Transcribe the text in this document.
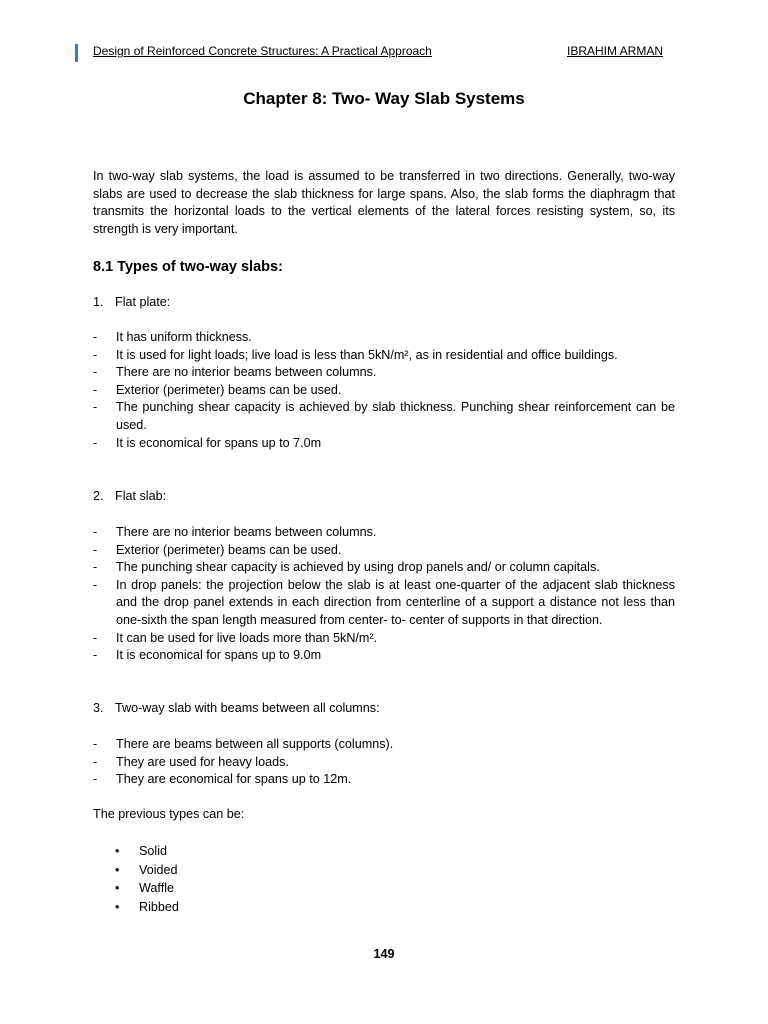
Design of Reinforced Concrete Structures: A Practical Approach	IBRAHIM ARMAN
Chapter 8: Two- Way Slab Systems
In two-way slab systems, the load is assumed to be transferred in two directions. Generally, two-way slabs are used to decrease the slab thickness for large spans. Also, the slab forms the diaphragm that transmits the horizontal loads to the vertical elements of the lateral forces resisting system, so, its strength is very important.
8.1 Types of two-way slabs:
1. Flat plate:
- It has uniform thickness.
- It is used for light loads; live load is less than 5kN/m², as in residential and office buildings.
- There are no interior beams between columns.
- Exterior (perimeter) beams can be used.
- The punching shear capacity is achieved by slab thickness. Punching shear reinforcement can be used.
- It is economical for spans up to 7.0m
2. Flat slab:
- There are no interior beams between columns.
- Exterior (perimeter) beams can be used.
- The punching shear capacity is achieved by using drop panels and/ or column capitals.
- In drop panels: the projection below the slab is at least one-quarter of the adjacent slab thickness and the drop panel extends in each direction from centerline of a support a distance not less than one-sixth the span length measured from center- to- center of supports in that direction.
- It can be used for live loads more than 5kN/m².
- It is economical for spans up to 9.0m
3. Two-way slab with beams between all columns:
- There are beams between all supports (columns).
- They are used for heavy loads.
- They are economical for spans up to 12m.
The previous types can be:
• Solid
• Voided
• Waffle
• Ribbed
149
